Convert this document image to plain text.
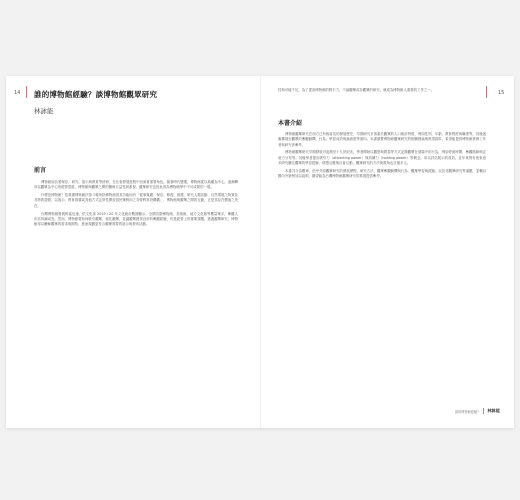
14 誰的博物館經驗？談博物館觀眾研究
林詠能
前言

博物館肩負著保存、研究、展示與教育等使命，在社會發展進程中扮演著重要角色。隨著時代變遷，博物館從以典藏為中心，逐漸轉向以觀眾為中心的經營思維，博物館與觀眾之間的關係日益受到重視，觀眾研究也因此成為博物館學中不可或缺的一環。

什麼是博物館？依我國博物館法第３條所指博物館因其功能而有「從事蒐藏、保存、修復、維護、研究人類活動、自然環境之物質及非物質證據，以展示、教育推廣或其他方式定常性開放供民眾利用之非營利常設機構」，博物館與觀眾之間的互動，正是其存在價值之所在。

台灣博物館發展相當迅速，依文化部 2019 / 20 年文化統計數據顯示，全國各類博物館、美術館、地方文化館等數量眾多，參觀人次亦持續成長。然而，博物館要如何吸引觀眾、留住觀眾，並讓觀眾獲得良好的參觀經驗，仍是經營上的重要課題。透過觀眾研究，博物館得以瞭解觀眾的需求與期待，進而規劃更符合觀眾需要的展示與教育活動。

15

性與可能不足，為了提高博物館的吸引力，不論觀眾或非觀眾的研究，就成為博物館人重要的工作之一。

本書介紹

博物館觀眾研究在西方已有相當長的發展歷史，早期研究多著重於觀眾的人口統計特徵，例如性別、年齡、教育程度與職業等，其後逐漸擴展至觀眾的參觀動機、行為、學習成效與滿意度等面向。本書彙整博物館觀眾研究的相關理論與實證資料，希望能提供博物館實務工作者與研究者參考。

博物館觀眾研究早期發展可追溯至十九世紀末，學者開始以觀察與問卷等方式記錄觀眾在展場中的行為，例如停留時間、參觀路線與注意力分布等。其後學者提出吸引力（attracting power）與持續力（holding power）等概念，用以評估展示的成效。近年來則有愈來愈多研究關注觀眾的學習經驗、情感反應與社會互動，觀眾研究的方法與視角也日趨多元。

本書共分為數章，依序介紹觀眾研究的發展歷程、研究方法、觀眾參觀動機與行為、觀眾學習與經驗，以及非觀眾研究等議題，並輔以國內外案例加以說明，期望能為台灣博物館觀眾研究的推展提供參考。

誰的博物館經驗？ 林詠能
